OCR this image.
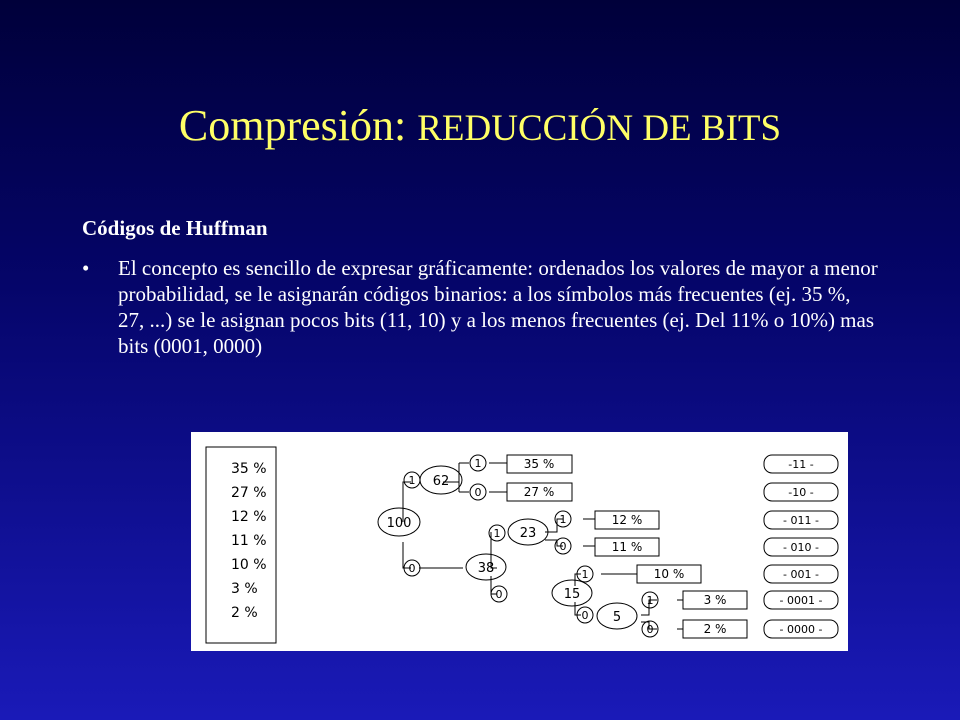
Compresión: REDUCCIÓN DE BITS
Códigos de Huffman
•	El concepto es sencillo de expresar gráficamente: ordenados los valores de mayor a menor probabilidad, se le asignarán códigos binarios: a los símbolos más frecuentes (ej. 35 %, 27, ...) se le asignan pocos bits (11, 10) y a los menos frecuentes (ej. Del 11% o 10%) mas bits (0001, 0000)
35 %
27 %
12 %
11 %
10 %
3 %
2 %
100
62
38
23
15
5
1
0
1
0
1
0
1
0
1
0
1
0
35 %
27 %
12 %
11 %
10 %
3 %
2 %
-11 -
-10 -
- 011 -
- 010 -
- 001 -
- 0001 -
- 0000 -
